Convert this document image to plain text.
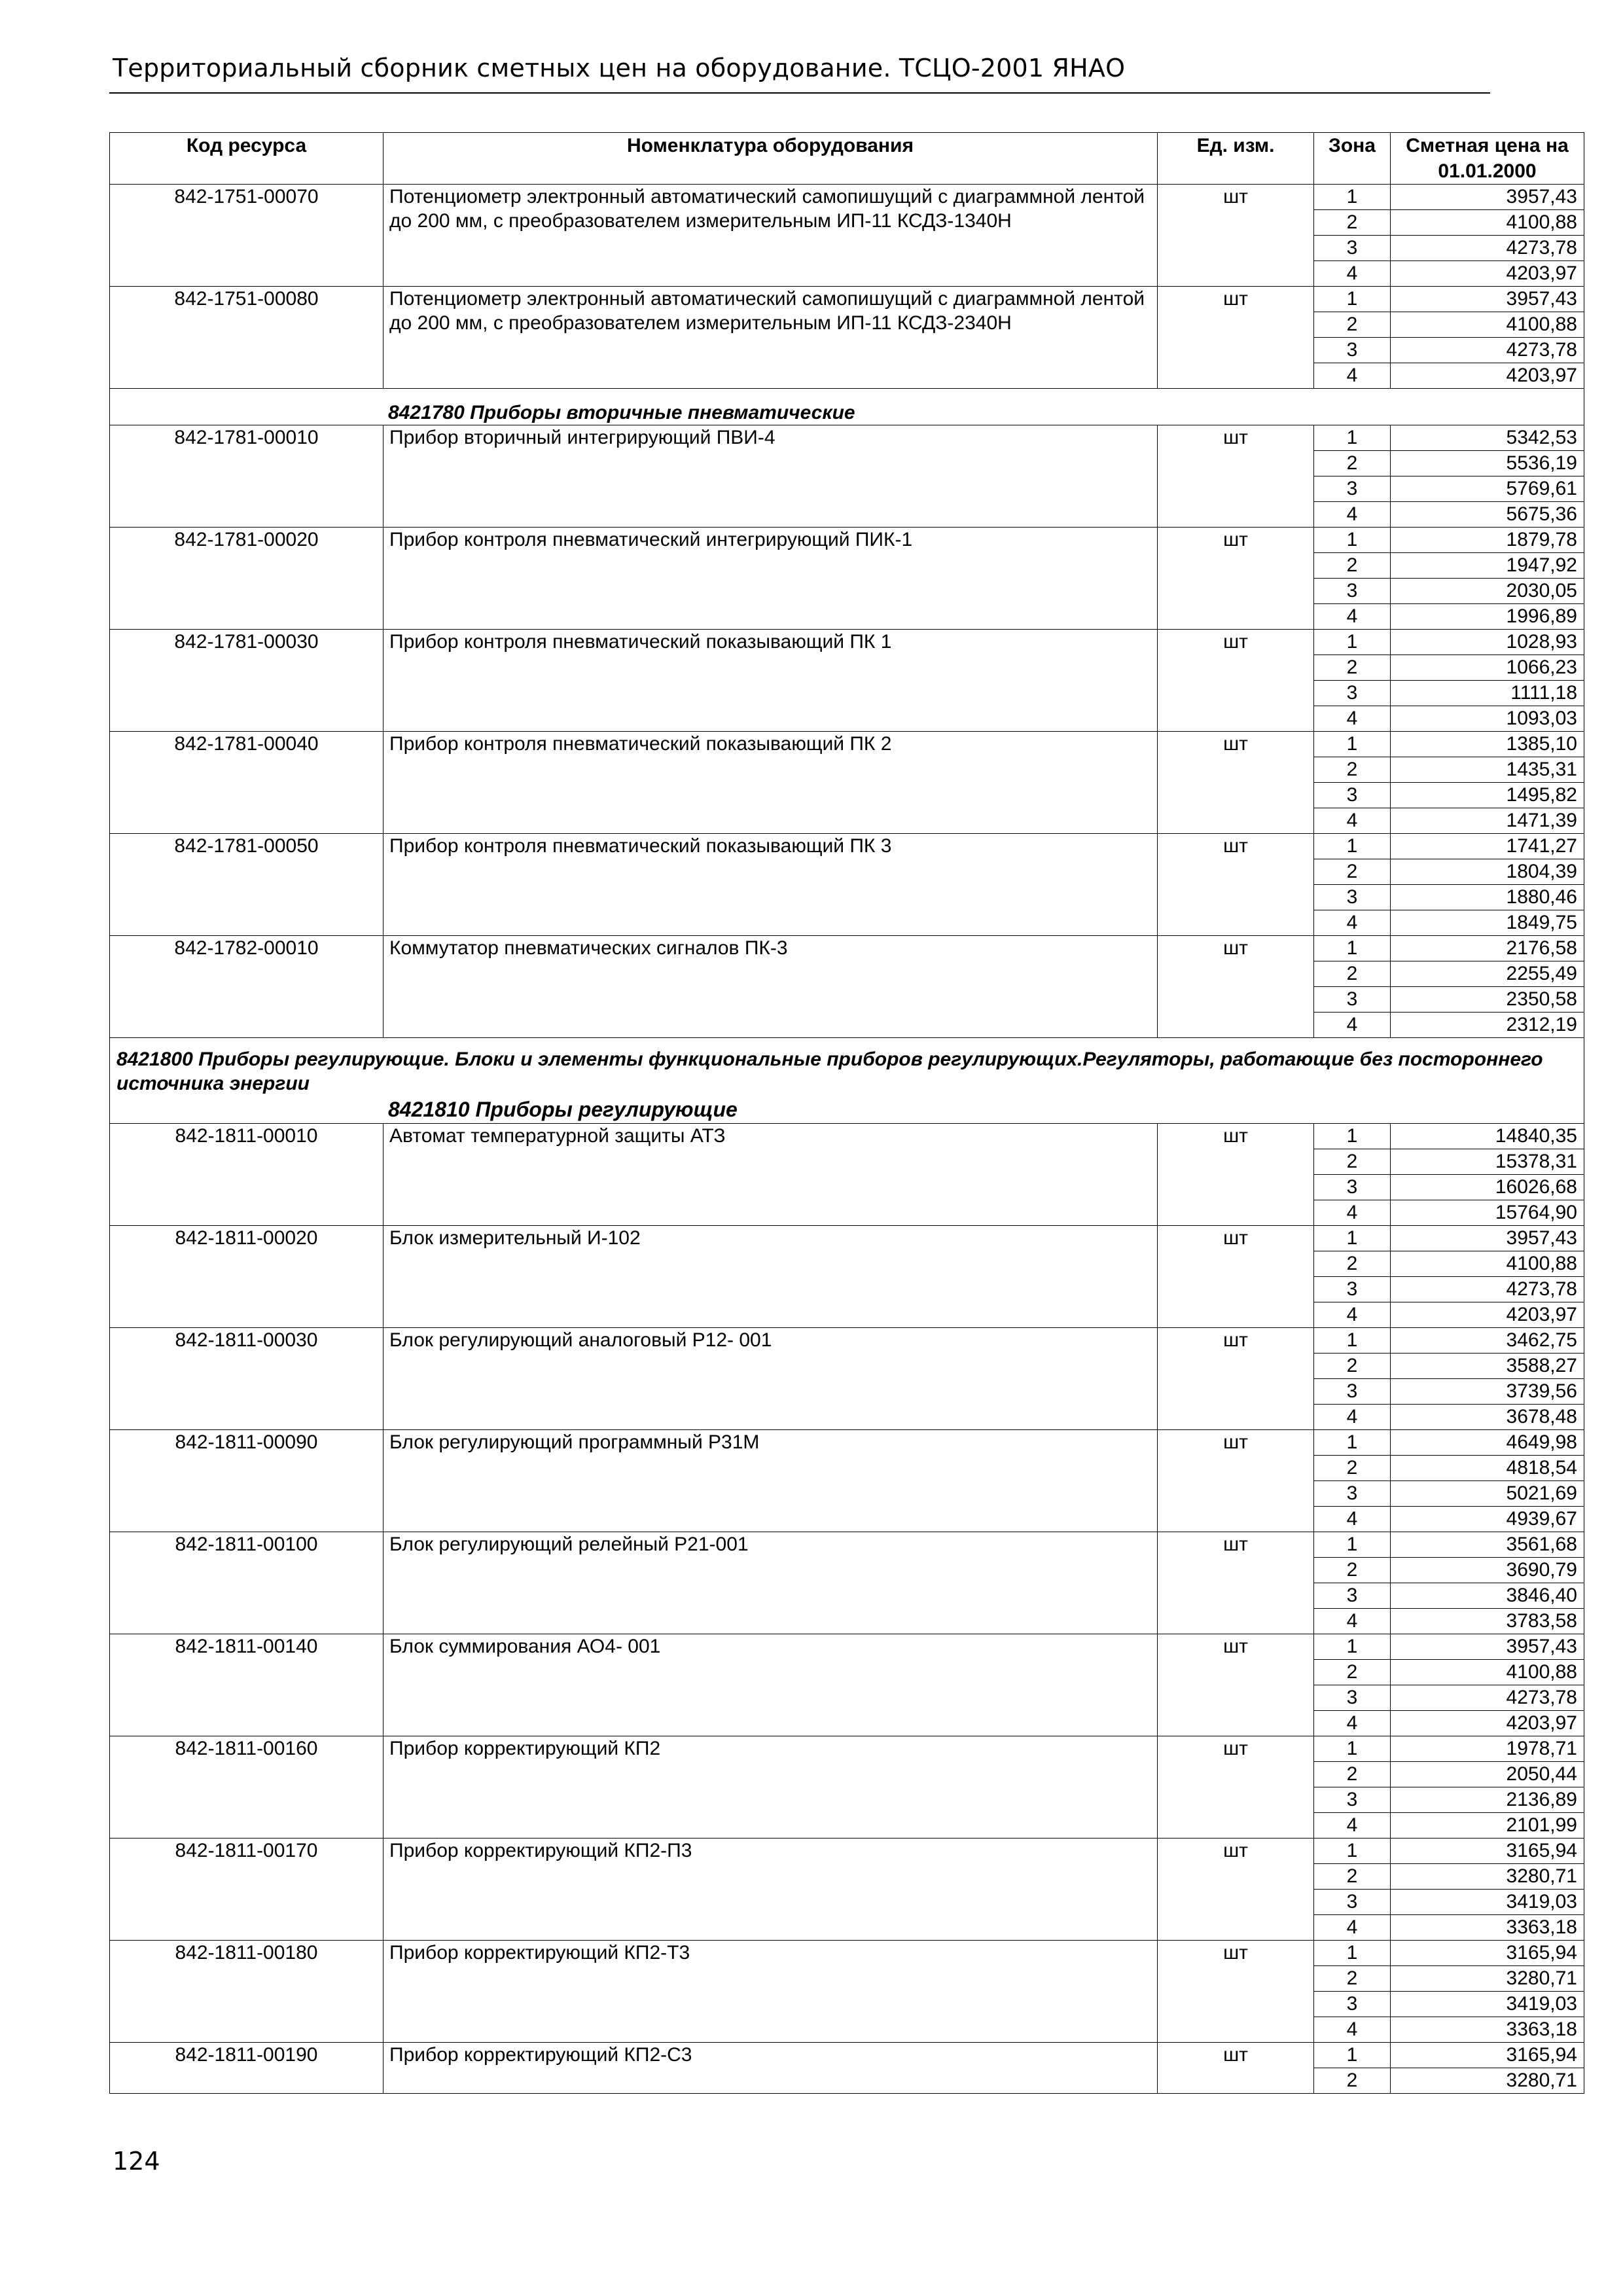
Территориальный сборник сметных цен на оборудование. ТСЦО-2001 ЯНАО
Код ресурса	Номенклатура оборудования	Ед. изм.	Зона	Сметная цена на 01.01.2000
842-1751-00070	Потенциометр электронный автоматический самопишущий с диаграммной лентой до 200 мм, с преобразователем измерительным ИП-11 КСДЗ-1340Н	шт	1	3957,43
			2	4100,88
			3	4273,78
			4	4203,97
842-1751-00080	Потенциометр электронный автоматический самопишущий с диаграммной лентой до 200 мм, с преобразователем измерительным ИП-11 КСДЗ-2340Н	шт	1	3957,43
			2	4100,88
			3	4273,78
			4	4203,97
8421780 Приборы вторичные пневматические				
842-1781-00010	Прибор вторичный интегрирующий ПВИ-4	шт	1	5342,53
			2	5536,19
			3	5769,61
			4	5675,36
842-1781-00020	Прибор контроля пневматический интегрирующий ПИК-1	шт	1	1879,78
			2	1947,92
			3	2030,05
			4	1996,89
842-1781-00030	Прибор контроля пневматический показывающий ПК 1	шт	1	1028,93
			2	1066,23
			3	1111,18
			4	1093,03
842-1781-00040	Прибор контроля пневматический показывающий ПК 2	шт	1	1385,10
			2	1435,31
			3	1495,82
			4	1471,39
842-1781-00050	Прибор контроля пневматический показывающий ПК 3	шт	1	1741,27
			2	1804,39
			3	1880,46
			4	1849,75
842-1782-00010	Коммутатор пневматических сигналов ПК-3	шт	1	2176,58
			2	2255,49
			3	2350,58
			4	2312,19
8421800 Приборы регулирующие. Блоки и элементы функциональные приборов регулирующих.Регуляторы, работающие без постороннего источника энергии
8421810 Приборы регулирующие				

842-1811-00010	Автомат температурной защиты АТЗ	шт	1	14840,35
			2	15378,31
			3	16026,68
			4	15764,90
842-1811-00020	Блок измерительный И-102	шт	1	3957,43
			2	4100,88
			3	4273,78
			4	4203,97
842-1811-00030	Блок регулирующий аналоговый Р12- 001	шт	1	3462,75
			2	3588,27
			3	3739,56
			4	3678,48
842-1811-00090	Блок регулирующий программный Р31М	шт	1	4649,98
			2	4818,54
			3	5021,69
			4	4939,67
842-1811-00100	Блок регулирующий релейный Р21-001	шт	1	3561,68
			2	3690,79
			3	3846,40
			4	3783,58
842-1811-00140	Блок суммирования АО4- 001	шт	1	3957,43
			2	4100,88
			3	4273,78
			4	4203,97
842-1811-00160	Прибор корректирующий КП2	шт	1	1978,71
			2	2050,44
			3	2136,89
			4	2101,99
842-1811-00170	Прибор корректирующий КП2-П3	шт	1	3165,94
			2	3280,71
			3	3419,03
			4	3363,18
842-1811-00180	Прибор корректирующий КП2-Т3	шт	1	3165,94
			2	3280,71
			3	3419,03
			4	3363,18
842-1811-00190	Прибор корректирующий КП2-С3	шт	1	3165,94
			2	3280,71

124
